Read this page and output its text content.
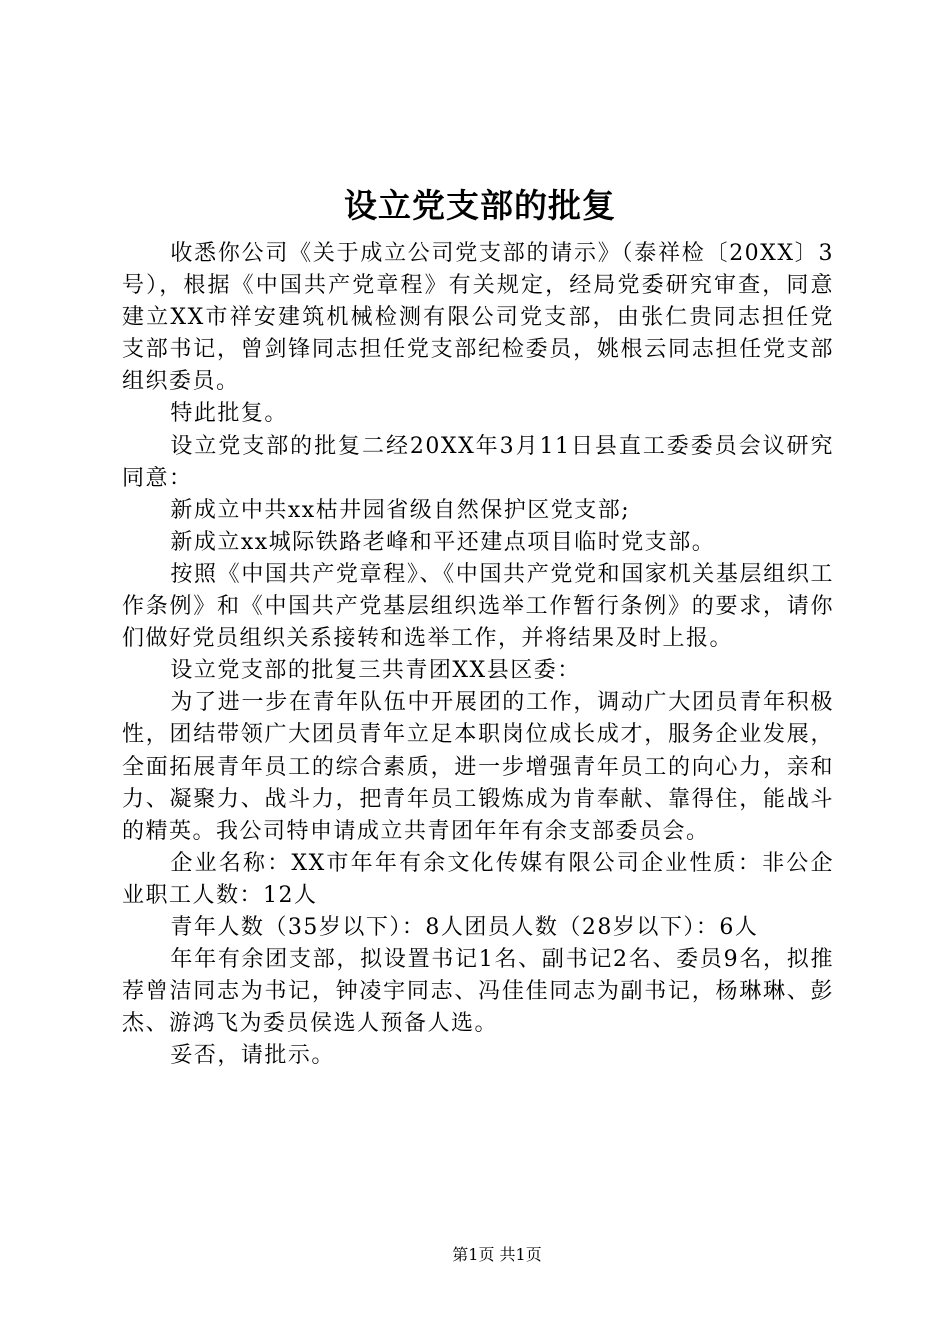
设立党支部的批复

收悉你公司《关于成立公司党支部的请示》（泰祥检〔20XX〕3号），根据《中国共产党章程》有关规定，经局党委研究审查，同意建立XX市祥安建筑机械检测有限公司党支部，由张仁贵同志担任党支部书记，曾剑锋同志担任党支部纪检委员，姚根云同志担任党支部组织委员。

特此批复。

设立党支部的批复二经20XX年3月11日县直工委委员会议研究同意：

新成立中共xx枯井园省级自然保护区党支部;

新成立xx城际铁路老峰和平还建点项目临时党支部。

按照《中国共产党章程》、《中国共产党党和国家机关基层组织工作条例》和《中国共产党基层组织选举工作暂行条例》的要求，请你们做好党员组织关系接转和选举工作，并将结果及时上报。

设立党支部的批复三共青团XX县区委：

为了进一步在青年队伍中开展团的工作，调动广大团员青年积极性，团结带领广大团员青年立足本职岗位成长成才，服务企业发展，全面拓展青年员工的综合素质，进一步增强青年员工的向心力，亲和力、凝聚力、战斗力，把青年员工锻炼成为肯奉献、靠得住，能战斗的精英。我公司特申请成立共青团年年有余支部委员会。

企业名称：XX市年年有余文化传媒有限公司企业性质：非公企业职工人数：12人

青年人数（35岁以下）：8人团员人数（28岁以下）：6人

年年有余团支部，拟设置书记1名、副书记2名、委员9名，拟推荐曾洁同志为书记，钟凌宇同志、冯佳佳同志为副书记，杨琳琳、彭杰、游鸿飞为委员侯选人预备人选。

妥否，请批示。

第1页 共1页
